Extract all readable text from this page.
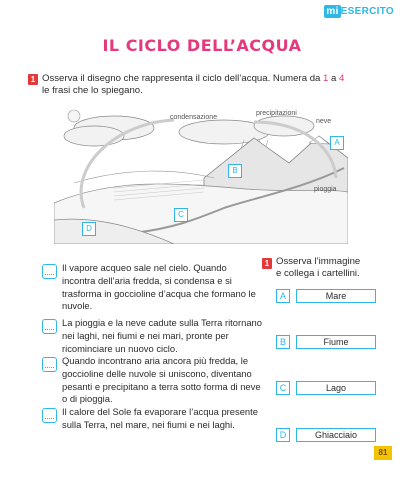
mi ESERCITO
IL CICLO DELL’ACQUA
1 Osserva il disegno che rappresenta il ciclo dell’acqua. Numera da 1 a 4
le frasi che lo spiegano.
condensazione
precipitazioni
neve
pioggia
A
B
C
D
Il vapore acqueo sale nel cielo. Quando incontra dell’aria fredda, si condensa e si trasforma in goccioline d’acqua che formano le nuvole.
La pioggia e la neve cadute sulla Terra ritornano nei laghi, nei fiumi e nei mari, pronte per ricominciare un nuovo ciclo.
Quando incontrano aria ancora più fredda, le goccioline delle nuvole si uniscono, diventano pesanti e precipitano a terra sotto forma di neve o di pioggia.
Il calore del Sole fa evaporare l’acqua presente sulla Terra, nel mare, nei fiumi e nei laghi.
1 Osserva l’immagine
e collega i cartellini.
A	Mare
B	Fiume
C	Lago
D	Ghiacciaio
81
